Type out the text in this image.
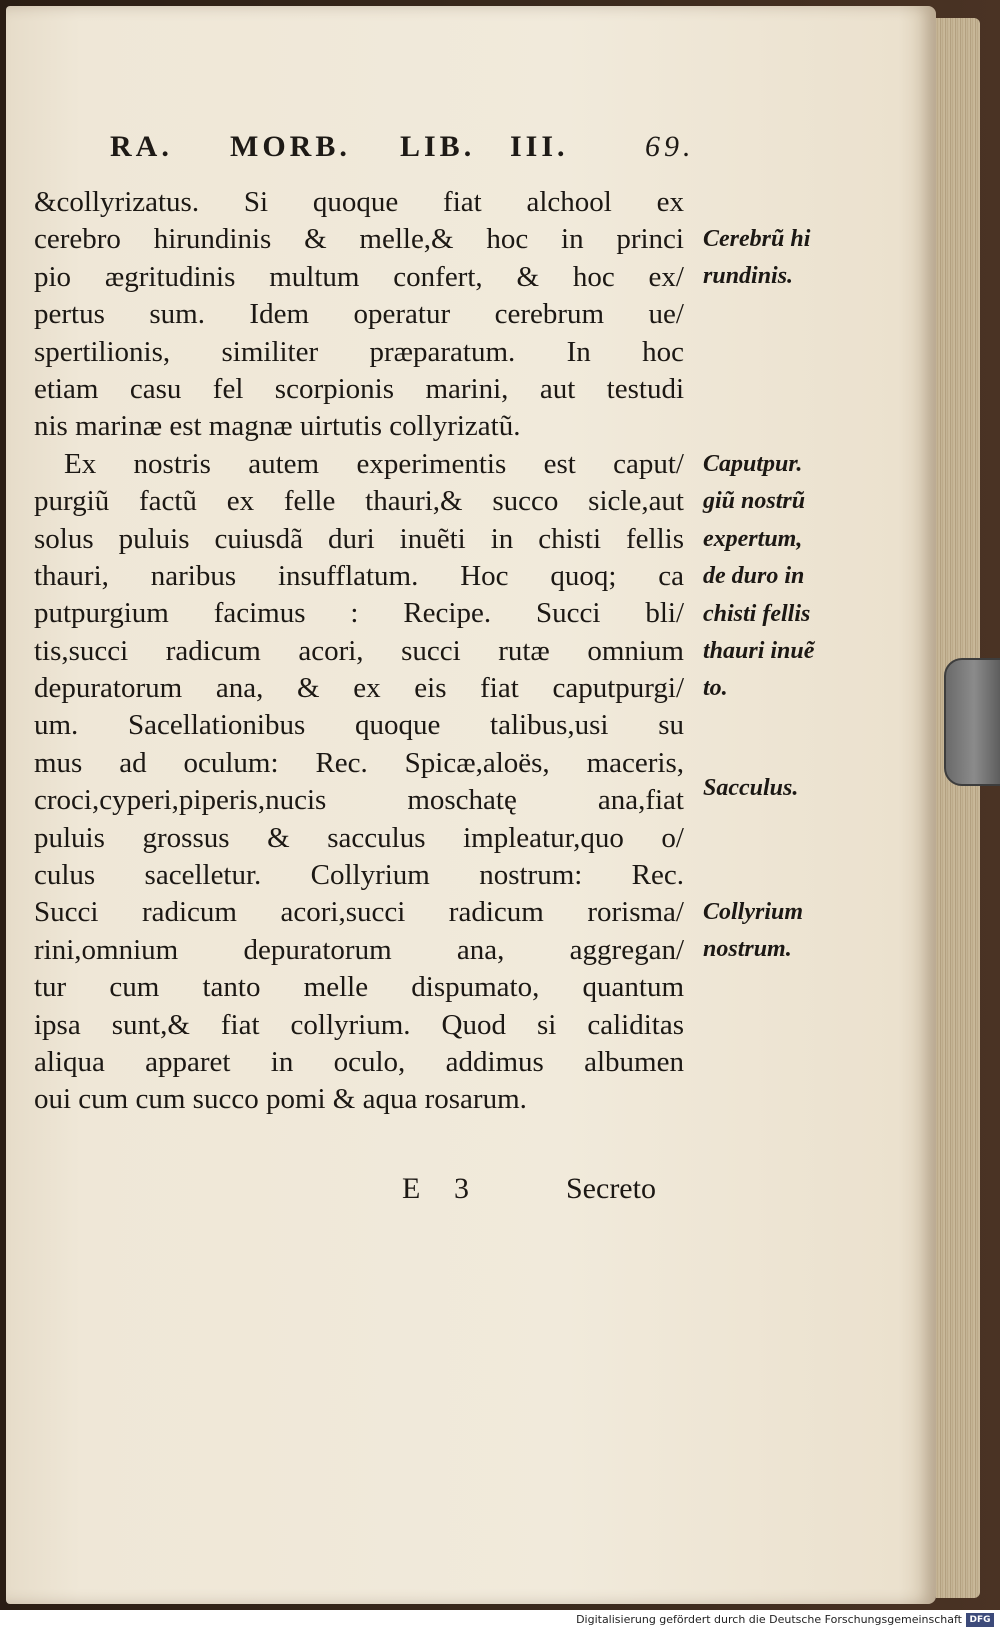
RA. MORB. LIB. III.	69.
&collyrizatus. Si quoque fiat alchool ex
cerebro hirundinis & melle,& hoc in princi
pio ægritudinis multum confert, & hoc ex/
pertus sum. Idem operatur cerebrum ue/
spertilionis, similiter præparatum. In hoc
etiam casu fel scorpionis marini, aut testudi
nis marinæ est magnæ uirtutis collyrizatũ.
Ex nostris autem experimentis est caput/
purgiũ factũ ex felle thauri,& succo sicle,aut
solus puluis cuiusdã duri inuẽti in chisti fellis
thauri, naribus insufflatum. Hoc quoq; ca
putpurgium facimus : Recipe. Succi bli/
tis,succi radicum acori, succi rutæ omnium
depuratorum ana, & ex eis fiat caputpurgi/
um. Sacellationibus quoque talibus,usi su
mus ad oculum: Rec. Spicæ,aloës, maceris,
croci,cyperi,piperis,nucis moschatę ana,fiat
puluis grossus & sacculus impleatur,quo o/
culus sacelletur. Collyrium nostrum: Rec.
Succi radicum acori,succi radicum rorisma/
rini,omnium depuratorum ana, aggregan/
tur cum tanto melle dispumato, quantum
ipsa sunt,& fiat collyrium. Quod si caliditas
aliqua apparet in oculo, addimus albumen
oui cum cum succo pomi & aqua rosarum.
Cerebrũ hi
rundinis.
Caputpur.
giũ nostrũ
expertum,
de duro in
chisti fellis
thauri inuẽ
to.
Sacculus.
Collyrium
nostrum.
E 3	Secreto
Digitalisierung gefördert durch die Deutsche Forschungsgemeinschaft DFG
